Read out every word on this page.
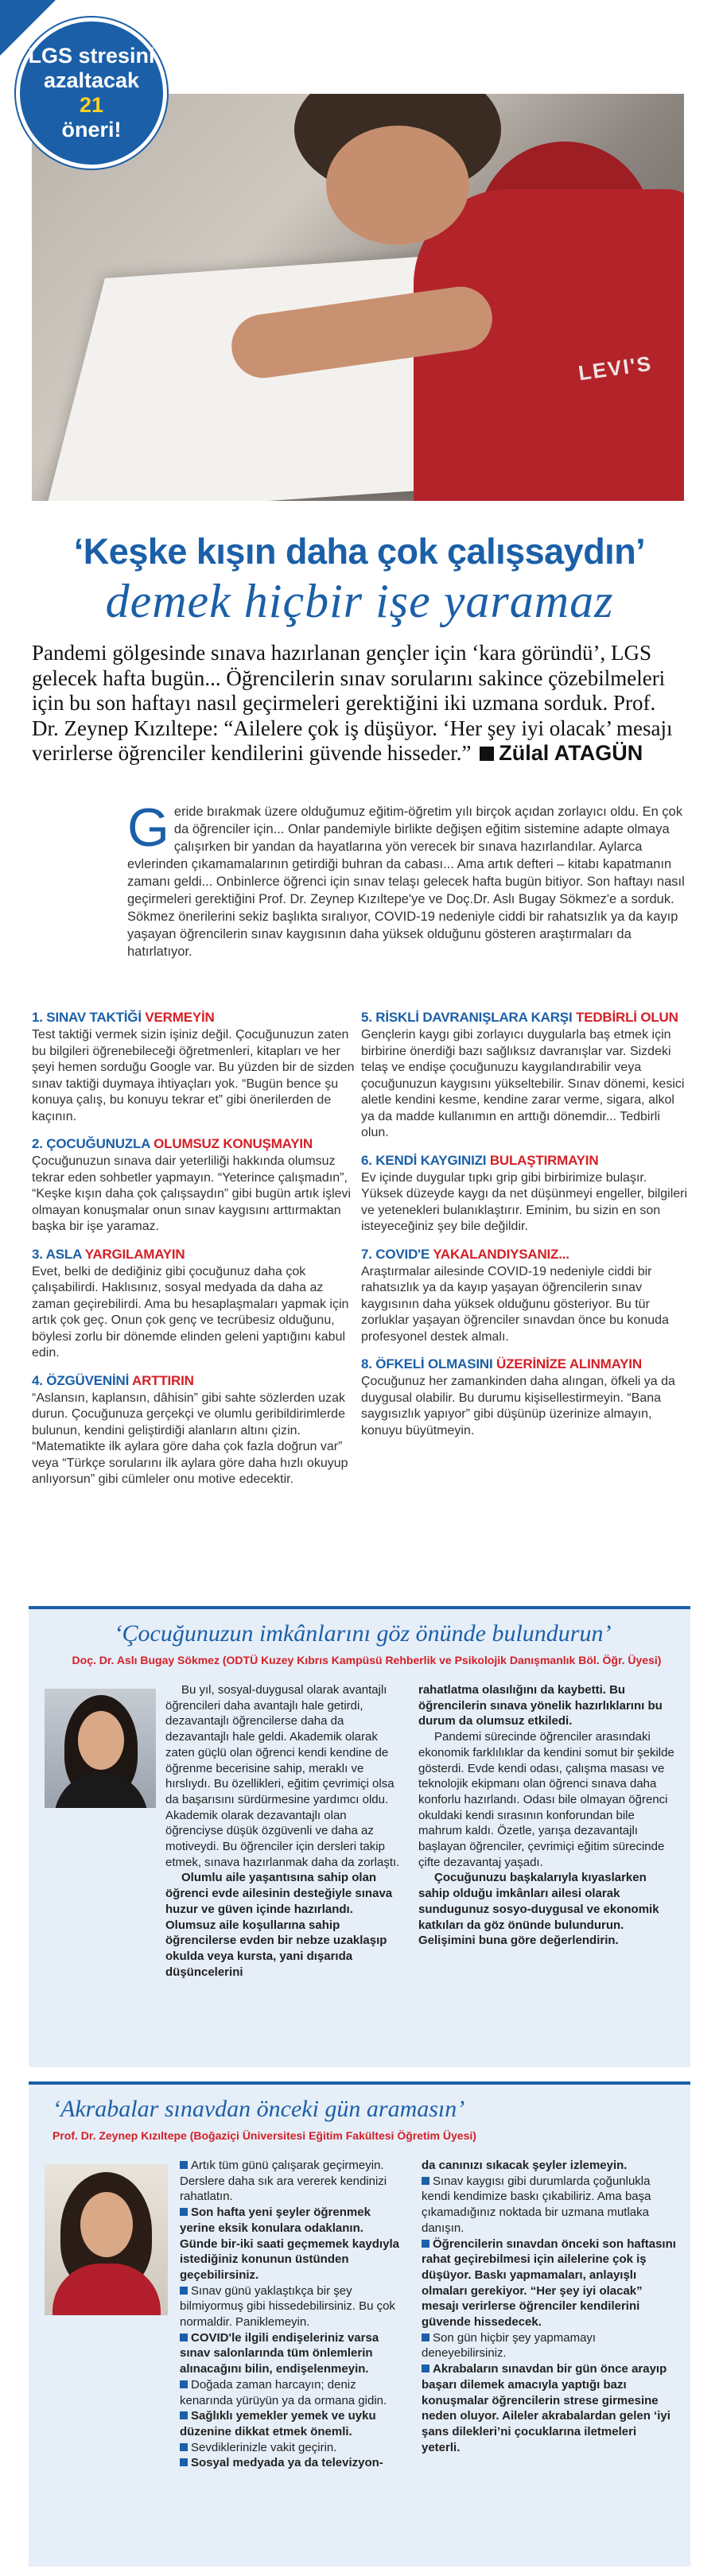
LGS stresini
azaltacak
21
öneri!
LEVI'S
‘Keşke kışın daha çok çalışsaydın’
demek hiçbir işe yaramaz
Pandemi gölgesinde sınava hazırlanan gençler için ‘kara göründü’, LGS gelecek hafta bugün... Öğrencilerin sınav sorularını sakince çözebilmeleri için bu son haftayı nasıl geçirmeleri gerektiğini iki uzmana sorduk. Prof. Dr. Zeynep Kızıltepe: “Ailelere çok iş düşüyor. ‘Her şey iyi olacak’ mesajı verirlerse öğrenciler kendilerini güvende hisseder.” Zülal ATAGÜN
Geride bırakmak üzere olduğumuz eğitim-öğretim yılı birçok açıdan zorlayıcı oldu. En çok da öğrenciler için... Onlar pandemiyle birlikte değişen eğitim sistemine adapte olmaya çalışırken bir yandan da hayatlarına yön verecek bir sınava hazırlandılar. Aylarca evlerinden çıkamamalarının getirdiği buhran da cabası... Ama artık defteri – kitabı kapatmanın zamanı geldi... Onbinlerce öğrenci için sınav telaşı gelecek hafta bugün bitiyor. Son haftayı nasıl geçirmeleri gerektiğini Prof. Dr. Zeynep Kızıltepe'ye ve Doç.Dr. Aslı Bugay Sökmez'e a sorduk. Sökmez önerilerini sekiz başlıkta sıralıyor, COVID-19 nedeniyle ciddi bir rahatsızlık ya da kayıp yaşayan öğrencilerin sınav kaygısının daha yüksek olduğunu gösteren araştırmaları da hatırlatıyor.
1. SINAV TAKTİĞİ VERMEYİN

Test taktiği vermek sizin işiniz değil. Çocuğunuzun zaten bu bilgileri öğrenebileceği öğretmenleri, kitapları ve her şeyi hemen sorduğu Google var. Bu yüzden bir de sizden sınav taktiği duymaya ihtiyaçları yok. “Bugün bence şu konuya çalış, bu konuyu tekrar et” gibi önerilerden de kaçının.

2. ÇOCUĞUNUZLA OLUMSUZ KONUŞMAYIN

Çocuğunuzun sınava dair yeterliliği hakkında olumsuz tekrar eden sohbetler yapmayın. “Yeterince çalışmadın”, “Keşke kışın daha çok çalışsaydın” gibi bugün artık işlevi olmayan konuşmalar onun sınav kaygısını arttırmaktan başka bir işe yaramaz.

3. ASLA YARGILAMAYIN

Evet, belki de dediğiniz gibi çocuğunuz daha çok çalışabilirdi. Haklısınız, sosyal medyada da daha az zaman geçirebilirdi. Ama bu hesaplaşmaları yapmak için artık çok geç. Onun çok genç ve tecrübesiz olduğunu, böylesi zorlu bir dönemde elinden geleni yaptığını kabul edin.

4. ÖZGÜVENİNİ ARTTIRIN

“Aslansın, kaplansın, dâhisin” gibi sahte sözlerden uzak durun. Çocuğunuza gerçekçi ve olumlu geribildirimlerde bulunun, kendini geliştirdiği alanların altını çizin. “Matematikte ilk aylara göre daha çok fazla doğrun var” veya “Türkçe sorularını ilk aylara göre daha hızlı okuyup anlıyorsun” gibi cümleler onu motive edecektir.

5. RİSKLİ DAVRANIŞLARA KARŞI TEDBİRLİ OLUN

Gençlerin kaygı gibi zorlayıcı duygularla baş etmek için birbirine önerdiği bazı sağlıksız davranışlar var. Sizdeki telaş ve endişe çocuğunuzu kaygılandırabilir veya çocuğunuzun kaygısını yükseltebilir. Sınav dönemi, kesici aletle kendini kesme, kendine zarar verme, sigara, alkol ya da madde kullanımın en arttığı dönemdir... Tedbirli olun.

6. KENDİ KAYGINIZI BULAŞTIRMAYIN

Ev içinde duygular tıpkı grip gibi birbirimize bulaşır. Yüksek düzeyde kaygı da net düşünmeyi engeller, bilgileri ve yetenekleri bulanıklaştırır. Eminim, bu sizin en son isteyeceğiniz şey bile değildir.

7. COVID'E YAKALANDIYSANIZ...

Araştırmalar ailesinde COVID-19 nedeniyle ciddi bir rahatsızlık ya da kayıp yaşayan öğrencilerin sınav kaygısının daha yüksek olduğunu gösteriyor. Bu tür zorluklar yaşayan öğrenciler sınavdan önce bu konuda profesyonel destek almalı.

8. ÖFKELİ OLMASINI ÜZERİNİZE ALINMAYIN

Çocuğunuz her zamankinden daha alıngan, öfkeli ya da duygusal olabilir. Bu durumu kişisellestirmeyin. “Bana saygısızlık yapıyor” gibi düşünüp üzerinize almayın, konuyu büyütmeyin.

‘Çocuğunuzun imkânlarını göz önünde bulundurun’
Doç. Dr. Aslı Bugay Sökmez (ODTÜ Kuzey Kıbrıs Kampüsü Rehberlik ve Psikolojik Danışmanlık Böl. Öğr. Üyesi)
Bu yıl, sosyal-duygusal olarak avantajlı öğrencileri daha avantajlı hale getirdi, dezavantajlı öğrencilerse daha da dezavantajlı hale geldi. Akademik olarak zaten güçlü olan öğrenci kendi kendine de öğrenme becerisine sahip, meraklı ve hırslıydı. Bu özellikleri, eğitim çevrimiçi olsa da başarısını sürdürmesine yardımcı oldu. Akademik olarak dezavantajlı olan öğrenciyse düşük özgüvenli ve daha az motiveydi. Bu öğrenciler için dersleri takip etmek, sınava hazırlanmak daha da zorlaştı.
Olumlu aile yaşantısına sahip olan öğrenci evde ailesinin desteğiyle sınava huzur ve güven içinde hazırlandı. Olumsuz aile koşullarına sahip öğrencilerse evden bir nebze uzaklaşıp okulda veya kursta, yani dışarıda düşüncelerini
rahatlatma olasılığını da kaybetti. Bu öğrencilerin sınava yönelik hazırlıklarını bu durum da olumsuz etkiledi.
Pandemi sürecinde öğrenciler arasındaki ekonomik farklılıklar da kendini somut bir şekilde gösterdi. Evde kendi odası, çalışma masası ve teknolojik ekipmanı olan öğrenci sınava daha konforlu hazırlandı. Odası bile olmayan öğrenci okuldaki kendi sırasının konforundan bile mahrum kaldı. Özetle, yarışa dezavantajlı başlayan öğrenciler, çevrimiçi eğitim sürecinde çifte dezavantaj yaşadı.
Çocuğunuzu başkalarıyla kıyaslarken sahip olduğu imkânları ailesi olarak sundugunuz sosyo-duygusal ve ekonomik katkıları da göz önünde bulundurun. Gelişimini buna göre değerlendirin.
‘Akrabalar sınavdan önceki gün aramasın’
Prof. Dr. Zeynep Kızıltepe (Boğaziçi Üniversitesi Eğitim Fakültesi Öğretim Üyesi)
Artık tüm günü çalışarak geçirmeyin. Derslere daha sık ara vererek kendinizi rahatlatın.
Son hafta yeni şeyler öğrenmek yerine eksik konulara odaklanın. Günde bir-iki saati geçmemek kaydıyla istediğiniz konunun üstünden geçebilirsiniz.
Sınav günü yaklaştıkça bir şey bilmiyormuş gibi hissedebilirsiniz. Bu çok normaldir. Paniklemeyin.
COVID'le ilgili endişeleriniz varsa sınav salonlarında tüm önlemlerin alınacağını bilin, endişelenmeyin.
Doğada zaman harcayın; deniz kenarında yürüyün ya da ormana gidin.
Sağlıklı yemekler yemek ve uyku düzenine dikkat etmek önemli.
Sevdiklerinizle vakit geçirin.
Sosyal medyada ya da televizyon-
da canınızı sıkacak şeyler izlemeyin.
Sınav kaygısı gibi durumlarda çoğunlukla kendi kendimize baskı çıkabiliriz. Ama başa çıkamadığınız noktada bir uzmana mutlaka danışın.
Öğrencilerin sınavdan önceki son haftasını rahat geçirebilmesi için ailelerine çok iş düşüyor. Baskı yapmamaları, anlayışlı olmaları gerekiyor. “Her şey iyi olacak” mesajı verirlerse öğrenciler kendilerini güvende hissedecek.
Son gün hiçbir şey yapmamayı deneyebilirsiniz.
Akrabaların sınavdan bir gün önce arayıp başarı dilemek amacıyla yaptığı bazı konuşmalar öğrencilerin strese girmesine neden oluyor. Aileler akrabalardan gelen ‘iyi şans dilekleri’ni çocuklarına iletmeleri yeterli.
